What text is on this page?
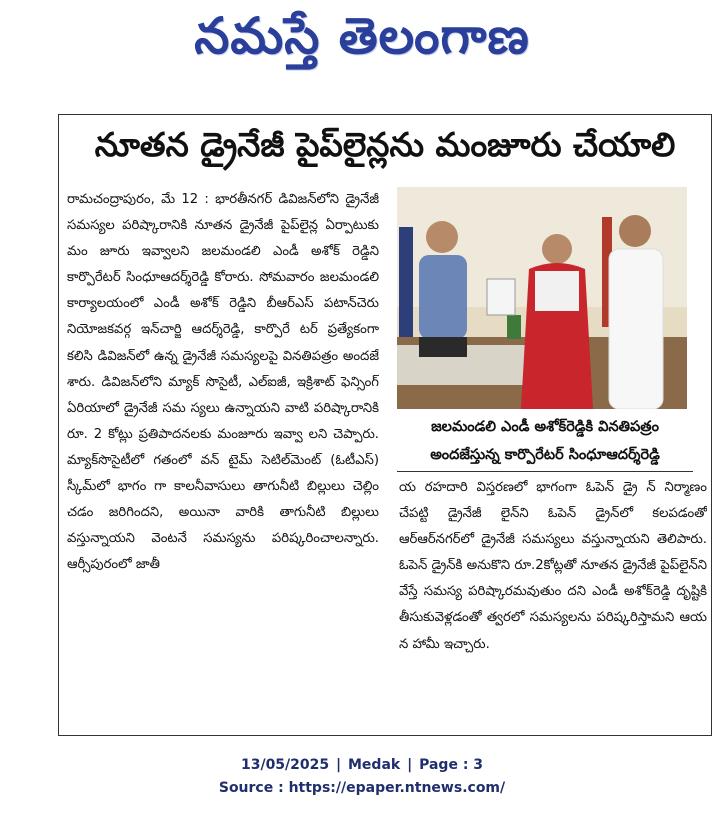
నమస్తే తెలంగాణ
నూతన డ్రైనేజీ పైప్‌లైన్లను మంజూరు చేయాలి
రామచంద్రాపురం, మే 12 : భారతీనగర్ డివిజన్‌లోని డ్రైనేజీ సమస్యల పరిష్కారానికి నూతన డ్రైనేజీ పైప్‌లైన్ల ఏర్పాటుకు మం జూరు ఇవ్వాలని జలమండలి ఎండీ అశోక్ రెడ్డిని కార్పొరేటర్ సింధూఆదర్శ్‌రెడ్డి కోరారు. సోమవారం జలమండలి కార్యాలయంలో ఎండీ అశోక్ రెడ్డిని బీఆర్ఎస్ పటాన్‌చెరు నియోజకవర్గ ఇన్‌చార్జి ఆదర్శ్‌రెడ్డి, కార్పొరే టర్ ప్రత్యేకంగా కలిసి డివిజన్‌లో ఉన్న డ్రైనేజీ సమస్యలపై వినతిపత్రం అందజే శారు. డివిజన్‌లోని మ్యాక్ సొసైటీ, ఎల్ఐజీ, ఇక్రిశాట్ ఫెన్సింగ్ ఏరియాలో డ్రైనేజీ సమ స్యలు ఉన్నాయని వాటి పరిష్కారానికి రూ. 2 కోట్లు ప్రతిపాదనలకు మంజూరు ఇవ్వా లని చెప్పారు. మ్యాక్‌సొసైటీలో గతంలో వన్ టైమ్ సెటిల్‌మెంట్ (ఓటీఎస్) స్కీమ్‌లో భాగం గా కాలనీవాసులు తాగునీటి బిల్లులు చెల్లిం చడం జరిగిందని, అయినా వారికి తాగునీటి బిల్లులు వస్తున్నాయని వెంటనే సమస్యను పరిష్కరించాలన్నారు. ఆర్సీపురంలో జాతీ
జలమండలి ఎండీ అశోక్‌రెడ్డికి వినతిపత్రం
అందజేస్తున్న కార్పొరేటర్ సింధూఆదర్శ్‌రెడ్డి
య రహదారి విస్తరణలో భాగంగా ఓపెన్ డ్రై న్ నిర్మాణం చేపట్టి డ్రైనేజీ లైన్‌ని ఓపెన్ డ్రైన్‌లో కలపడంతో ఆర్ఆర్‌నగర్‌లో డ్రైనేజీ సమస్యలు వస్తున్నాయని తెలిపారు. ఓపెన్ డ్రైన్‌కి అనుకొని రూ.2కోట్లతో నూతన డ్రైనేజీ పైప్‌లైన్‌ని వేస్తే సమస్య పరిష్కారమవుతుం దని ఎండీ అశోక్‌రెడ్డి దృష్టికి తీసుకువెళ్లడంతో త్వరలో సమస్యలను పరిష్కరిస్తామని ఆయ న హామీ ఇచ్చారు.
13/05/2025 | Medak | Page : 3
Source : https://epaper.ntnews.com/
